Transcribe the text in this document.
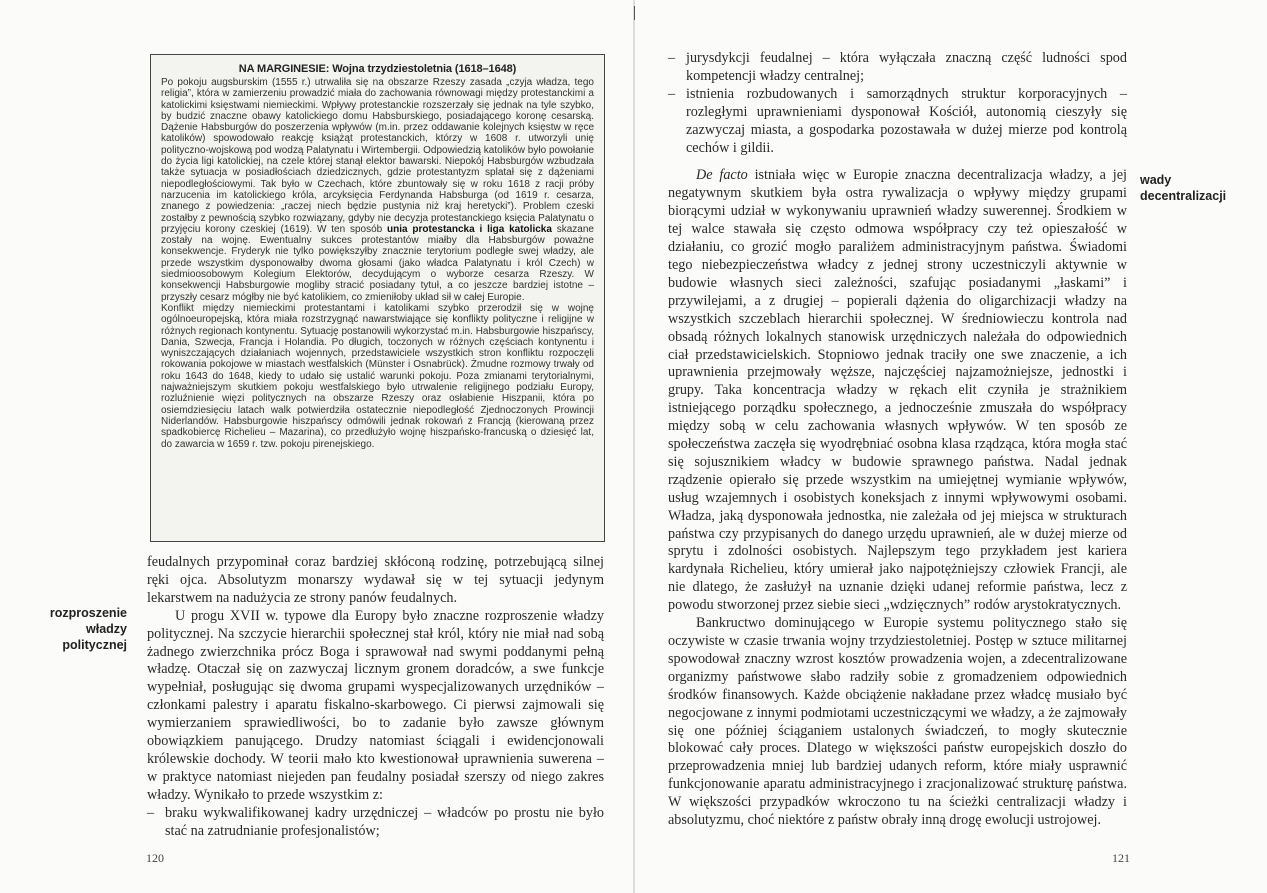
NA MARGINESIE: Wojna trzydziestoletnia (1618–1648)

Po pokoju augsburskim (1555 r.) utrwaliła się na obszarze Rzeszy zasada „czyja władza, tego religia”, która w zamierzeniu prowadzić miała do zachowania równowagi między protestanckimi a katolickimi księstwami niemieckimi. Wpływy protestanckie rozszerzały się jednak na tyle szybko, by budzić znaczne obawy katolickiego domu Habsburskiego, posiadającego koronę cesarską. Dążenie Habsburgów do poszerzenia wpływów (m.in. przez oddawanie kolejnych księstw w ręce katolików) spowodowało reakcję książąt protestanckich, którzy w 1608 r. utworzyli unię polityczno-wojskową pod wodzą Palatynatu i Wirtembergii. Odpowiedzią katolików było powołanie do życia ligi katolickiej, na czele której stanął elektor bawarski. Niepokój Habsburgów wzbudzała także sytuacja w posiadłościach dziedzicznych, gdzie protestantyzm splatał się z dążeniami niepodległościowymi. Tak było w Czechach, które zbuntowały się w roku 1618 z racji próby narzucenia im katolickiego króla, arcyksięcia Ferdynanda Habsburga (od 1619 r. cesarza, znanego z powiedzenia: „raczej niech będzie pustynia niż kraj heretycki”). Problem czeski zostałby z pewnością szybko rozwiązany, gdyby nie decyzja protestanckiego księcia Palatynatu o przyjęciu korony czeskiej (1619). W ten sposób unia protestancka i liga katolicka skazane zostały na wojnę. Ewentualny sukces protestantów miałby dla Habsburgów poważne konsekwencje. Fryderyk nie tylko powiększyłby znacznie terytorium podległe swej władzy, ale przede wszystkim dysponowałby dwoma głosami (jako władca Palatynatu i król Czech) w siedmioosobowym Kolegium Elektorów, decydującym o wyborze cesarza Rzeszy. W konsekwencji Habsburgowie mogliby stracić posiadany tytuł, a co jeszcze bardziej istotne – przyszły cesarz mógłby nie być katolikiem, co zmieniłoby układ sił w całej Europie.

Konflikt między niemieckimi protestantami i katolikami szybko przerodził się w wojnę ogólnoeuropejską, która miała rozstrzygnąć nawarstwiające się konflikty polityczne i religijne w różnych regionach kontynentu. Sytuację postanowili wykorzystać m.in. Habsburgowie hiszpańscy, Dania, Szwecja, Francja i Holandia. Po długich, toczonych w różnych częściach kontynentu i wyniszczających działaniach wojennych, przedstawiciele wszystkich stron konfliktu rozpoczęli rokowania pokojowe w miastach westfalskich (Münster i Osnabrück). Żmudne rozmowy trwały od roku 1643 do 1648, kiedy to udało się ustalić warunki pokoju. Poza zmianami terytorialnymi, najważniejszym skutkiem pokoju westfalskiego było utrwalenie religijnego podziału Europy, rozluźnienie więzi politycznych na obszarze Rzeszy oraz osłabienie Hiszpanii, która po osiemdziesięciu latach walk potwierdziła ostatecznie niepodległość Zjednoczonych Prowincji Niderlandów. Habsburgowie hiszpańscy odmówili jednak rokowań z Francją (kierowaną przez spadkobiercę Richelieu – Mazarina), co przedłużyło wojnę hiszpańsko-francuską o dziesięć lat, do zawarcia w 1659 r. tzw. pokoju pirenejskiego.

feudalnych przypominał coraz bardziej skłóconą rodzinę, potrzebującą silnej ręki ojca. Absolutyzm monarszy wydawał się w tej sytuacji jedynym lekarstwem na nadużycia ze strony panów feudalnych.

U progu XVII w. typowe dla Europy było znaczne rozproszenie władzy politycznej. Na szczycie hierarchii społecznej stał król, który nie miał nad sobą żadnego zwierzchnika prócz Boga i sprawował nad swymi poddanymi pełną władzę. Otaczał się on zazwyczaj licznym gronem doradców, a swe funkcje wypełniał, posługując się dwoma grupami wyspecjalizowanych urzędników – członkami palestry i aparatu fiskalno-skarbowego. Ci pierwsi zajmowali się wymierzaniem sprawiedliwości, bo to zadanie było zawsze głównym obowiązkiem panującego. Drudzy natomiast ściągali i ewidencjonowali królewskie dochody. W teorii mało kto kwestionował uprawnienia suwerena – w praktyce natomiast niejeden pan feudalny posiadał szerszy od niego zakres władzy. Wynikało to przede wszystkim z:

– braku wykwalifikowanej kadry urzędniczej – władców po prostu nie było stać na zatrudnianie profesjonalistów;

rozproszenie
władzy
politycznej
120

– jurysdykcji feudalnej – która wyłączała znaczną część ludności spod kompetencji władzy centralnej;

– istnienia rozbudowanych i samorządnych struktur korporacyjnych – rozległymi uprawnieniami dysponował Kościół, autonomią cieszyły się zazwyczaj miasta, a gospodarka pozostawała w dużej mierze pod kontrolą cechów i gildii.

De facto istniała więc w Europie znaczna decentralizacja władzy, a jej negatywnym skutkiem była ostra rywalizacja o wpływy między grupami biorącymi udział w wykonywaniu uprawnień władzy suwerennej. Środkiem w tej walce stawała się często odmowa współpracy czy też opieszałość w działaniu, co grozić mogło paraliżem administracyjnym państwa. Świadomi tego niebezpieczeństwa władcy z jednej strony uczestniczyli aktywnie w budowie własnych sieci zależności, szafując posiadanymi „łaskami” i przywilejami, a z drugiej – popierali dążenia do oligarchizacji władzy na wszystkich szczeblach hierarchii społecznej. W średniowieczu kontrola nad obsadą różnych lokalnych stanowisk urzędniczych należała do odpowiednich ciał przedstawicielskich. Stopniowo jednak traciły one swe znaczenie, a ich uprawnienia przejmowały węższe, najczęściej najzamożniejsze, jednostki i grupy. Taka koncentracja władzy w rękach elit czyniła je strażnikiem istniejącego porządku społecznego, a jednocześnie zmuszała do współpracy między sobą w celu zachowania własnych wpływów. W ten sposób ze społeczeństwa zaczęła się wyodrębniać osobna klasa rządząca, która mogła stać się sojusznikiem władcy w budowie sprawnego państwa. Nadal jednak rządzenie opierało się przede wszystkim na umiejętnej wymianie wpływów, usług wzajemnych i osobistych koneksjach z innymi wpływowymi osobami. Władza, jaką dysponowała jednostka, nie zależała od jej miejsca w strukturach państwa czy przypisanych do danego urzędu uprawnień, ale w dużej mierze od sprytu i zdolności osobistych. Najlepszym tego przykładem jest kariera kardynała Richelieu, który umierał jako najpotężniejszy człowiek Francji, ale nie dlatego, że zasłużył na uznanie dzięki udanej reformie państwa, lecz z powodu stworzonej przez siebie sieci „wdzięcznych” rodów arystokratycznych.

Bankructwo dominującego w Europie systemu politycznego stało się oczywiste w czasie trwania wojny trzydziestoletniej. Postęp w sztuce militarnej spowodował znaczny wzrost kosztów prowadzenia wojen, a zdecentralizowane organizmy państwowe słabo radziły sobie z gromadzeniem odpowiednich środków finansowych. Każde obciążenie nakładane przez władcę musiało być negocjowane z innymi podmiotami uczestniczącymi we władzy, a że zajmowały się one później ściąganiem ustalonych świadczeń, to mogły skutecznie blokować cały proces. Dlatego w większości państw europejskich doszło do przeprowadzenia mniej lub bardziej udanych reform, które miały usprawnić funkcjonowanie aparatu administracyjnego i zracjonalizować strukturę państwa. W większości przypadków wkroczono tu na ścieżki centralizacji władzy i absolutyzmu, choć niektóre z państw obrały inną drogę ewolucji ustrojowej.

wady
decentralizacji
121
